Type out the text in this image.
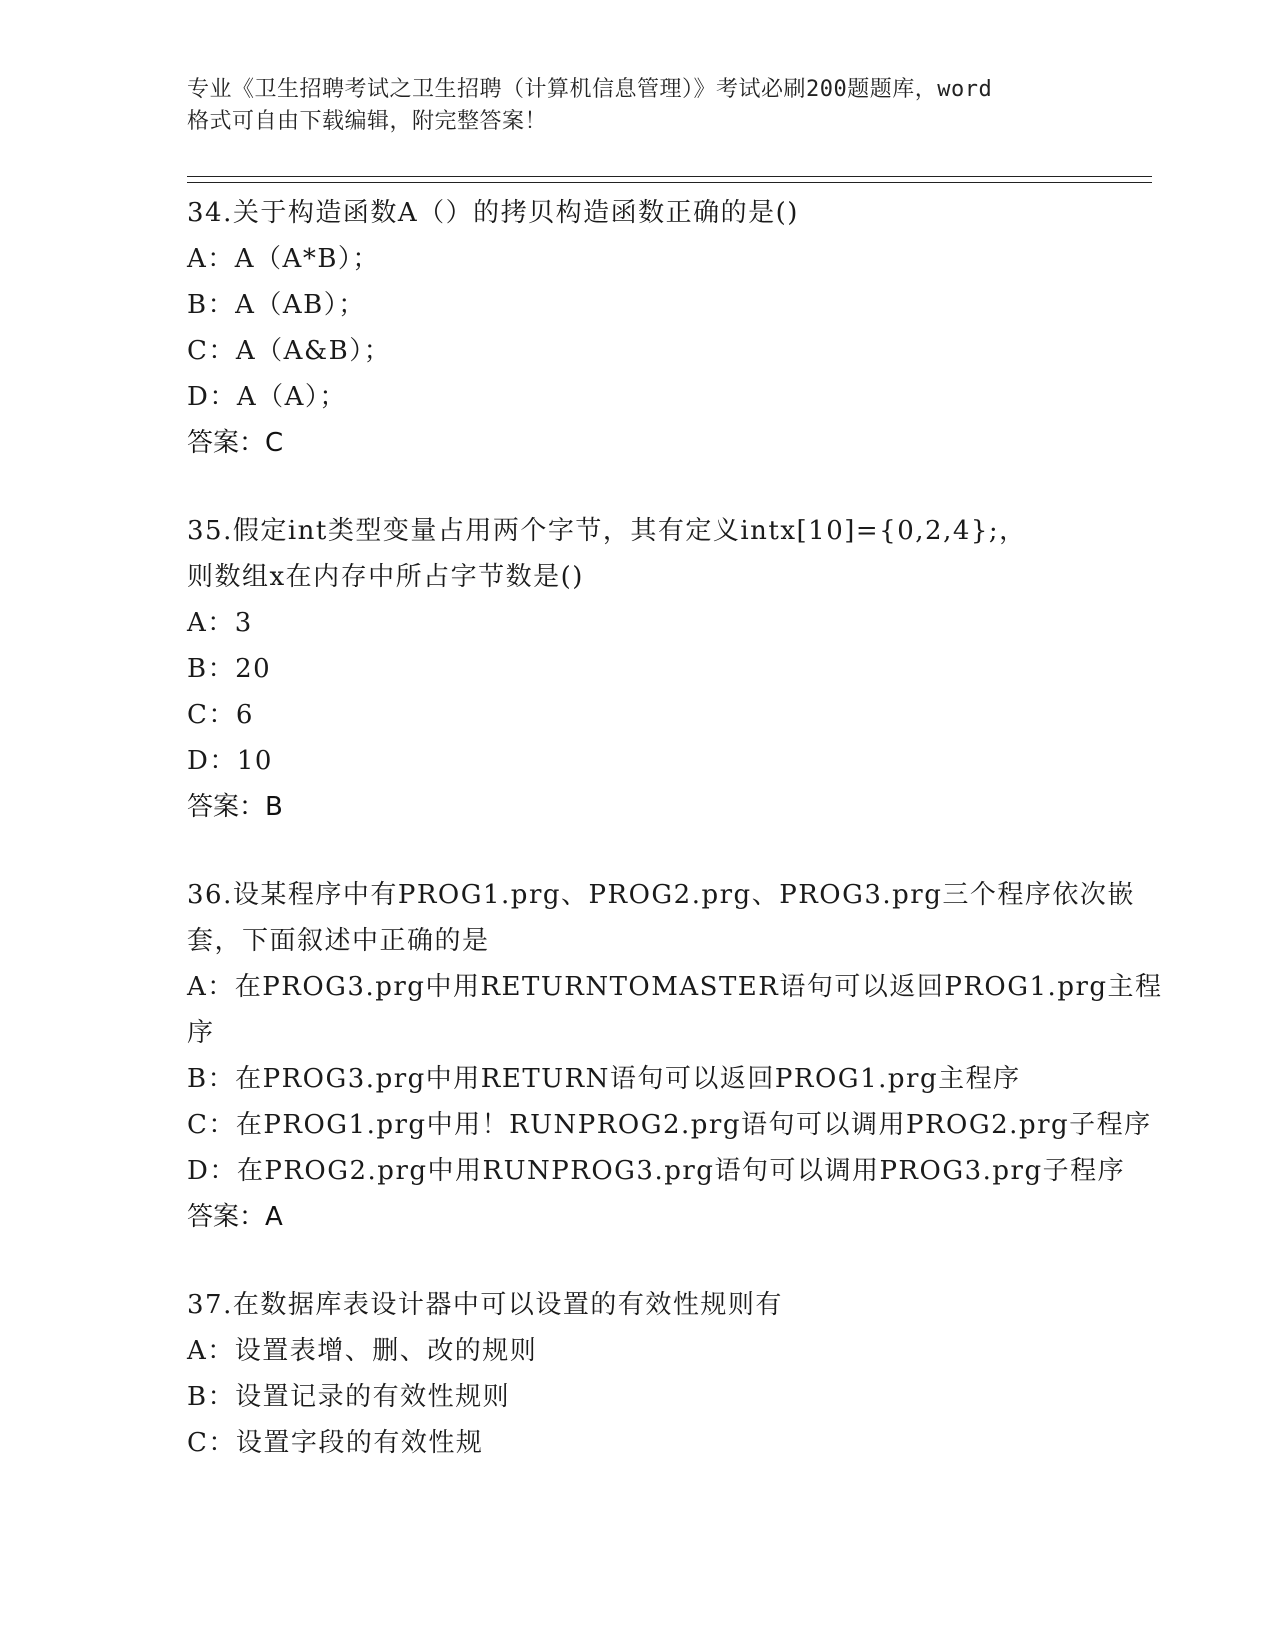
专业《卫生招聘考试之卫生招聘（计算机信息管理）》考试必刷200题题库，word
格式可自由下载编辑，附完整答案！
34.关于构造函数A（）的拷贝构造函数正确的是()
A：A（A*B）；
B：A（AB）；
C：A（A&B）；
D：A（A）；
答案：C
35.假定int类型变量占用两个字节，其有定义intx[10]={0,2,4};，
则数组x在内存中所占字节数是()
A：3
B：20
C：6
D：10
答案：B
36.设某程序中有PROG1.prg、PROG2.prg、PROG3.prg三个程序依次嵌
套，下面叙述中正确的是
A：在PROG3.prg中用RETURNTOMASTER语句可以返回PROG1.prg主程
序
B：在PROG3.prg中用RETURN语句可以返回PROG1.prg主程序
C：在PROG1.prg中用！RUNPROG2.prg语句可以调用PROG2.prg子程序
D：在PROG2.prg中用RUNPROG3.prg语句可以调用PROG3.prg子程序
答案：A
37.在数据库表设计器中可以设置的有效性规则有
A：设置表增、删、改的规则
B：设置记录的有效性规则
C：设置字段的有效性规
